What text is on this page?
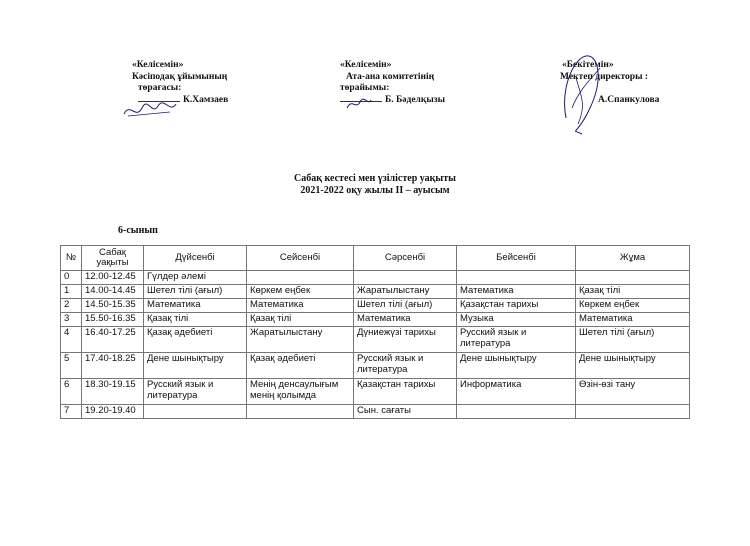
«Келісемін»
Кәсіподақ ұйымының
төрағасы:
К.Хамзаев
«Келісемін»
Ата-ана комитетінің
төрайымы:
Б. Бәделқызы
«Бекітемін»
Мектеп директоры :
А.Спанкулова
Сабақ кестесі мен үзілістер уақыты
2021-2022 оқу жылы ІІ – ауысым
6-сынып
№	Сабақ уақыты	Дүйсенбі	Сейсенбі	Сәрсенбі	Бейсенбі	Жұма
0	12.00-12.45	Гүлдер әлемі				
1	14.00-14.45	Шетел тілі (ағыл)	Көркем еңбек	Жаратылыстану	Математика	Қазақ тілі
2	14.50-15.35	Математика	Математика	Шетел тілі (ағыл)	Қазақстан тарихы	Көркем еңбек
3	15.50-16.35	Қазақ тілі	Қазақ тілі	Математика	Музыка	Математика
4	16.40-17.25	Қазақ әдебиеті	Жаратылыстану	Дүниежүзі тарихы	Русский язык и литература	Шетел тілі (ағыл)
5	17.40-18.25	Дене шынықтыру	Қазақ әдебиеті	Русский язык и литература	Дене шынықтыру	Дене шынықтыру
6	18.30-19.15	Русский язык и литература	Менің денсаулығым менің қолымда	Қазақстан тарихы	Информатика	Өзін-өзі тану
7	19.20-19.40			Сын. сағаты		
